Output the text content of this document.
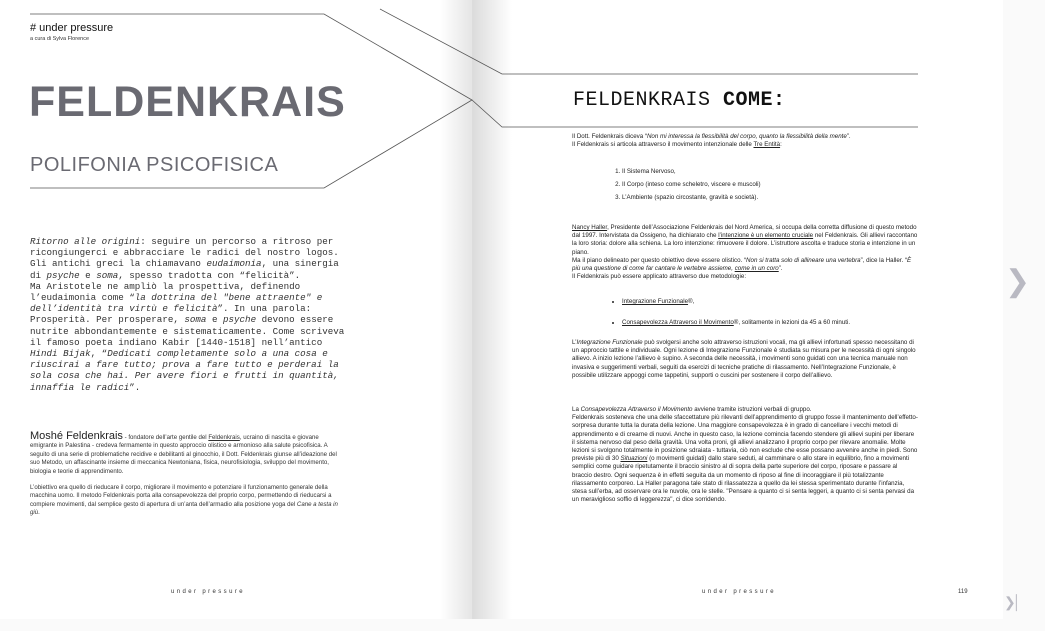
# under pressure
a cura di Sylva Florence
FELDENKRAIS
POLIFONIA PSICOFISICA

Ritorno alle origini: seguire un percorso a ritroso per ricongiungerci e abbracciare le radici del nostro logos. Gli antichi greci la chiamavano eudaimonia, una sinergia di psyche e soma, spesso tradotta con “felicità”.

Ma Aristotele ne ampliò la prospettiva, definendo l’eudaimonia come “la dottrina del "bene attraente" e dell’identità tra virtù e felicità”. In una parola: Prosperità. Per prosperare, soma e psyche devono essere nutrite abbondantemente e sistematicamente. Come scriveva il famoso poeta indiano Kabir [1440-1518] nell’antico Hindi Bijak, “Dedicati completamente solo a una cosa e riuscirai a fare tutto; prova a fare tutto e perderai la sola cosa che hai. Per avere fiori e frutti in quantità, innaffia le radici”.

Moshé Feldenkrais - fondatore dell’arte gentile del Feldenkrais, ucraino di nascita e giovane emigrante in Palestina - credeva fermamente in questo approccio olistico e armonioso alla salute psicofisica. A seguito di una serie di problematiche recidive e debilitanti al ginocchio, il Dott. Feldenkrais giunse all’ideazione del suo Metodo, un affascinante insieme di meccanica Newtoniana, fisica, neurofisiologia, sviluppo del movimento, biologia e teorie di apprendimento.

L’obiettivo era quello di rieducare il corpo, migliorare il movimento e potenziare il funzionamento generale della macchina uomo. Il metodo Feldenkrais porta alla consapevolezza del proprio corpo, permettendo di rieducarsi a compiere movimenti, dal semplice gesto di apertura di un’anta dell’armadio alla posizione yoga del Cane a testa in giù.

under pressure	under pressure
FELDENKRAIS COME:

Il Dott. Feldenkrais diceva “Non mi interessa la flessibilità del corpo, quanto la flessibilità della mente”.

Il Feldenkrais si articola attraverso il movimento intenzionale delle Tre Entità:

1. Il Sistema Nervoso,
2. Il Corpo (inteso come scheletro, viscere e muscoli)
3. L’Ambiente (spazio circostante, gravità e società).

Nancy Haller, Presidente dell’Associazione Feldenkrais del Nord America, si occupa della corretta diffusione di questo metodo dal 1997. Intervistata da Ossigeno, ha dichiarato che l’intenzione è un elemento cruciale nel Feldenkrais. Gli allievi raccontano la loro storia: dolore alla schiena. La loro intenzione: rimuovere il dolore. L’istruttore ascolta e traduce storia e intenzione in un piano.

Ma il piano delineato per questo obiettivo deve essere olistico. “Non si tratta solo di allineare una vertebra”, dice la Haller. “È più una questione di come far cantare le vertebre assieme, come in un coro”.

Il Feldenkrais può essere applicato attraverso due metodologie:

• Integrazione Funzionale®,
• Consapevolezza Attraverso il Movimento®, solitamente in lezioni da 45 a 60 minuti.

L’Integrazione Funzionale può svolgersi anche solo attraverso istruzioni vocali, ma gli allievi infortunati spesso necessitano di un approccio tattile e individuale. Ogni lezione di Integrazione Funzionale è studiata su misura per le necessità di ogni singolo allievo. A inizio lezione l’allievo è supino. A seconda delle necessità, i movimenti sono guidati con una tecnica manuale non invasiva e suggerimenti verbali, seguiti da esercizi di tecniche pratiche di rilassamento. Nell’Integrazione Funzionale, è possibile utilizzare appoggi come tappetini, supporti o cuscini per sostenere il corpo dell’allievo.

La Consapevolezza Attraverso il Movimento avviene tramite istruzioni verbali di gruppo.

Feldenkrais sosteneva che una delle sfaccettature più rilevanti dell’apprendimento di gruppo fosse il mantenimento dell’effetto-sorpresa durante tutta la durata della lezione. Una maggiore consapevolezza è in grado di cancellare i vecchi metodi di apprendimento e di crearne di nuovi. Anche in questo caso, la lezione comincia facendo stendere gli allievi supini per liberare il sistema nervoso dal peso della gravità. Una volta proni, gli allievi analizzano il proprio corpo per rilevare anomalie. Molte lezioni si svolgono totalmente in posizione sdraiata - tuttavia, ciò non esclude che esse possano avvenire anche in piedi. Sono previste più di 30 Situazioni (o movimenti guidati) dallo stare seduti, al camminare o allo stare in equilibrio, fino a movimenti semplici come guidare ripetutamente il braccio sinistro al di sopra della parte superiore del corpo, riposare e passare al braccio destro. Ogni sequenza è in effetti seguita da un momento di riposo al fine di incoraggiare il più totalizzante rilassamento corporeo. La Haller paragona tale stato di rilassatezza a quello da lei stessa sperimentato durante l’infanzia, stesa sull’erba, ad osservare ora le nuvole, ora le stelle. "Pensare a quanto ci si senta leggeri, a quanto ci si senta pervasi da un meraviglioso soffio di leggerezza", ci dice sorridendo.

119
❯
❯│
